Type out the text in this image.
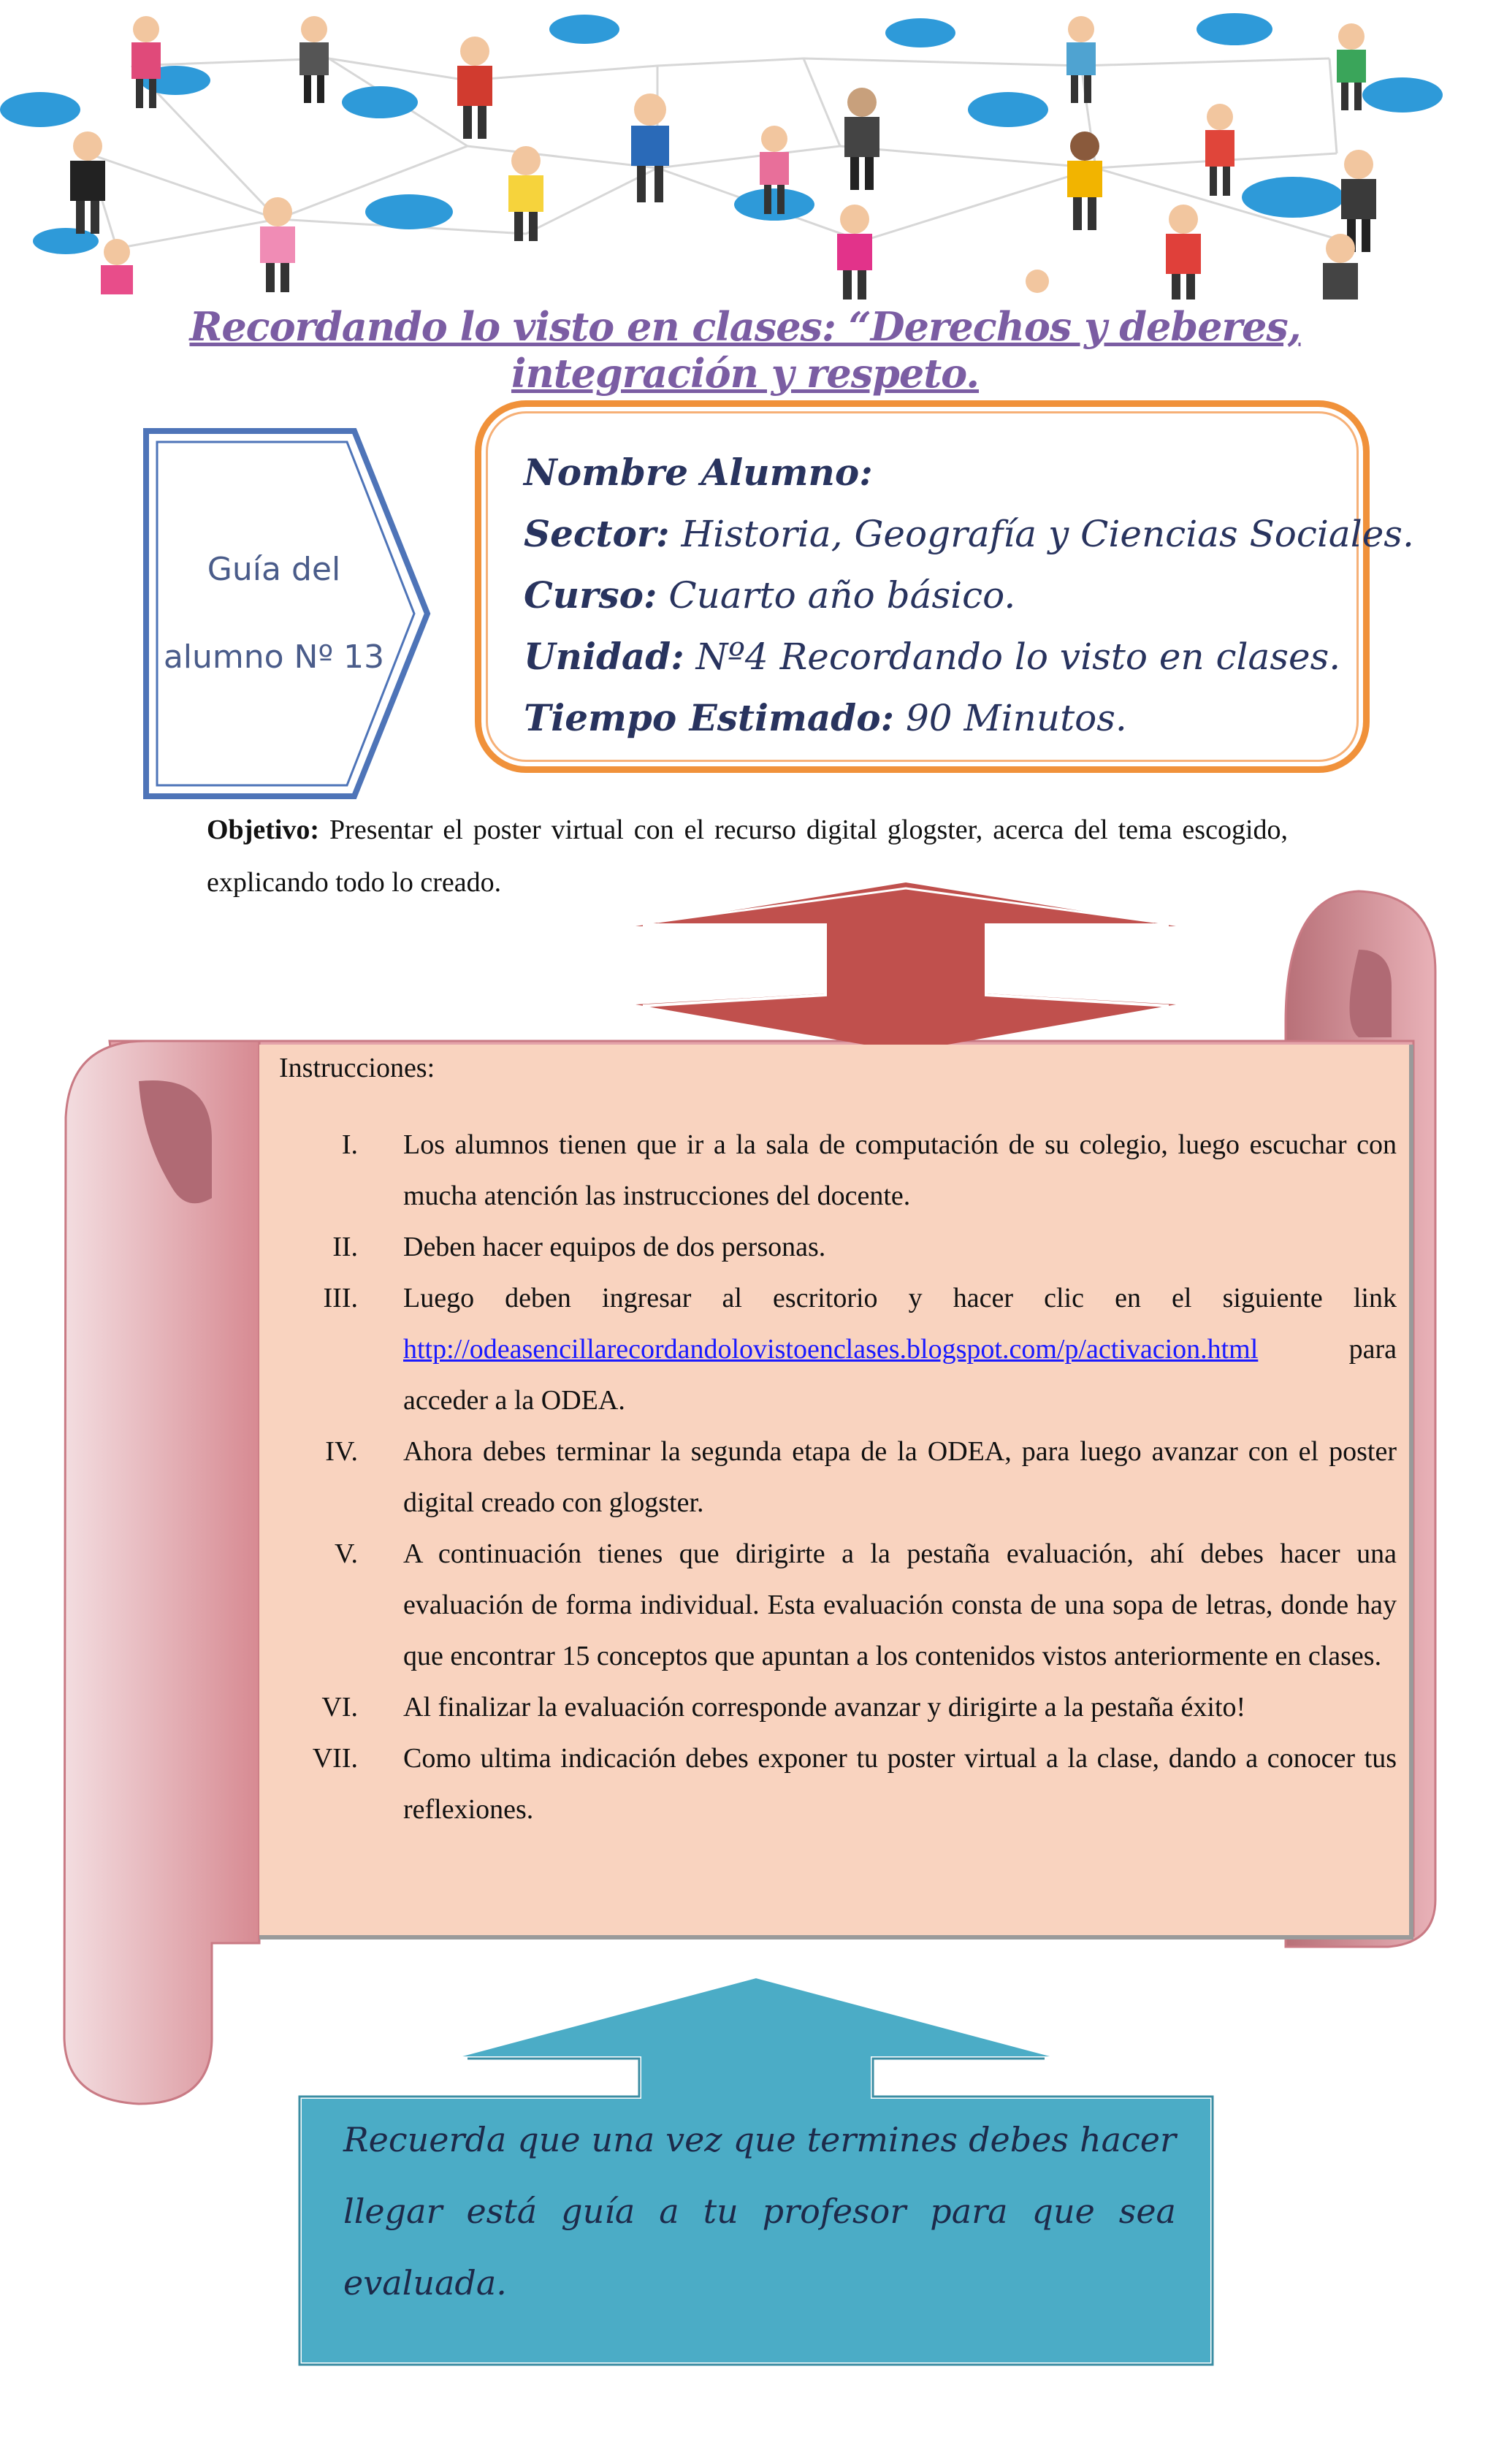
Recordando lo visto en clases: “Derechos y deberes, integración y respeto.
Guía del
alumno Nº 13
Nombre Alumno:
Sector: Historia, Geografía y Ciencias Sociales.
Curso: Cuarto año básico.
Unidad: Nº4 Recordando lo visto en clases.
Tiempo Estimado: 90 Minutos.
Objetivo: Presentar el poster virtual con el recurso digital glogster, acerca del tema escogido, explicando todo lo creado.
Instrucciones:
I. Los alumnos tienen que ir a la sala de computación de su colegio, luego escuchar con mucha atención las instrucciones del docente.
II. Deben hacer equipos de dos personas.
III. Luego deben ingresar al escritorio y hacer clic en el siguiente link http://odeasencillarecordandolovistoenclases.blogspot.com/p/activacion.html	para acceder a la ODEA.
IV. Ahora debes terminar la segunda etapa de la ODEA, para luego avanzar con el poster digital creado con glogster.
V. A continuación tienes que dirigirte a la pestaña evaluación, ahí debes hacer una evaluación de forma individual. Esta evaluación consta de una sopa de letras, donde hay que encontrar 15 conceptos que apuntan a los contenidos vistos anteriormente en clases.
VI. Al finalizar la evaluación corresponde avanzar y dirigirte a la pestaña éxito!
VII. Como ultima indicación debes exponer tu poster virtual a la clase, dando a conocer tus reflexiones.
Recuerda que una vez que termines debes hacer llegar está guía a tu profesor para que sea evaluada.
